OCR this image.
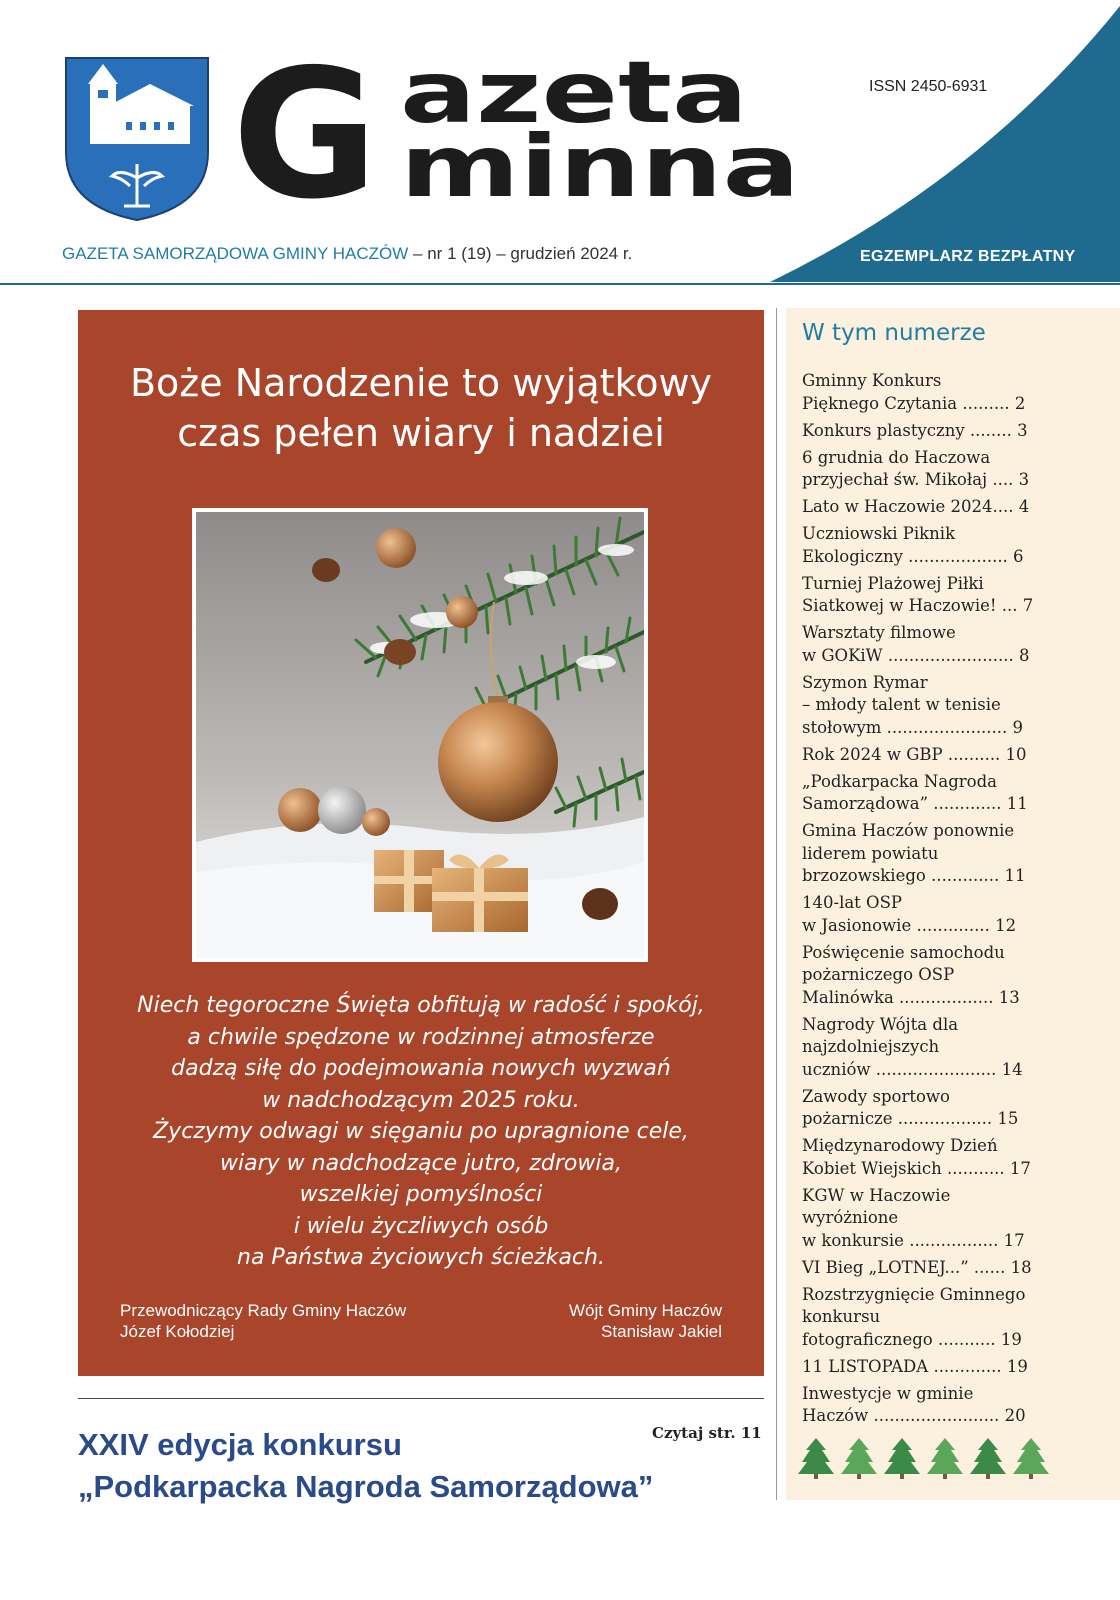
G azeta
minna
ISSN 2450-6931
GAZETA SAMORZĄDOWA GMINY HACZÓW – nr 1 (19) – grudzień 2024 r.	EGZEMPLARZ BEZPŁATNY
Boże Narodzenie to wyjątkowy
czas pełen wiary i nadziei
Niech tegoroczne Święta obfitują w radość i spokój,
a chwile spędzone w rodzinnej atmosferze
dadzą siłę do podejmowania nowych wyzwań
w nadchodzącym 2025 roku.
Życzymy odwagi w sięganiu po upragnione cele,
wiary w nadchodzące jutro, zdrowia,
wszelkiej pomyślności
i wielu życzliwych osób
na Państwa życiowych ścieżkach.
Przewodniczący Rady Gminy Haczów
Józef Kołodziej
Wójt Gminy Haczów
Stanisław Jakiel
Czytaj str. 11
XXIV edycja konkursu
„Podkarpacka Nagroda Samorządowa”
W tym numerze
Gminny Konkurs
Pięknego Czytania ......... 2
Konkurs plastyczny ........ 3
6 grudnia do Haczowa
przyjechał św. Mikołaj .... 3
Lato w Haczowie 2024.... 4
Uczniowski Piknik
Ekologiczny ................... 6
Turniej Plażowej Piłki
Siatkowej w Haczowie! ... 7
Warsztaty filmowe
w GOKiW ........................ 8
Szymon Rymar
– młody talent w tenisie
stołowym ....................... 9
Rok 2024 w GBP .......... 10
„Podkarpacka Nagroda
Samorządowa” ............. 11
Gmina Haczów ponownie
liderem powiatu
brzozowskiego ............. 11
140-lat OSP
w Jasionowie .............. 12
Poświęcenie samochodu
pożarniczego OSP
Malinówka .................. 13
Nagrody Wójta dla
najzdolniejszych
uczniów ....................... 14
Zawody sportowo
pożarnicze .................. 15
Międzynarodowy Dzień
Kobiet Wiejskich ........... 17
KGW w Haczowie
wyróżnione
w konkursie ................. 17
VI Bieg „LOTNEJ...” ...... 18
Rozstrzygnięcie Gminnego
konkursu
fotograficznego ........... 19
11 LISTOPADA ............. 19
Inwestycje w gminie
Haczów ........................ 20
